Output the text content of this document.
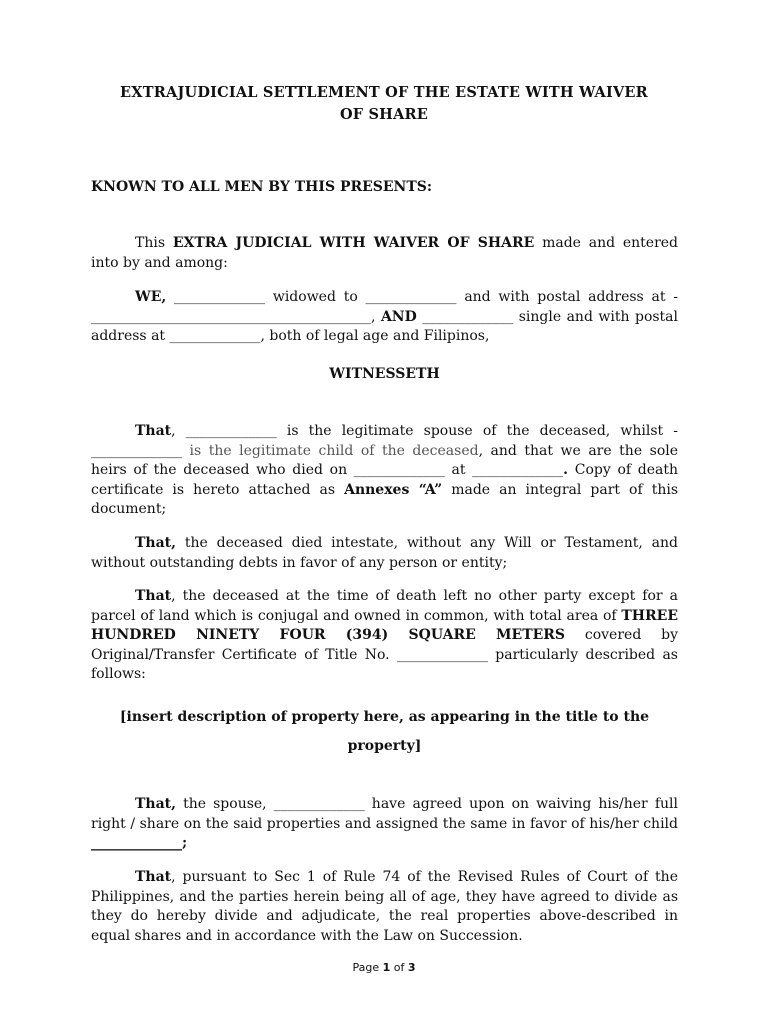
EXTRAJUDICIAL SETTLEMENT OF THE ESTATE WITH WAIVER
OF SHARE
KNOWN TO ALL MEN BY THIS PRESENTS:
This EXTRA JUDICIAL WITH WAIVER OF SHARE made and entered into by and among:
WE, _____________ widowed to _____________ and with postal address at -________________________________________, AND _____________ single and with postal address at _____________, both of legal age and Filipinos,
WITNESSETH
That, _____________ is the legitimate spouse of the deceased, whilst -_____________ is the legitimate child of the deceased, and that we are the sole heirs of the deceased who died on _____________ at _____________. Copy of death certificate is hereto attached as Annexes “A” made an integral part of this document;
That, the deceased died intestate, without any Will or Testament, and without outstanding debts in favor of any person or entity;
That, the deceased at the time of death left no other party except for a parcel of land which is conjugal and owned in common, with total area of THREE HUNDRED NINETY FOUR (394) SQUARE METERS covered by Original/Transfer Certificate of Title No. _____________ particularly described as follows:
[insert description of property here, as appearing in the title to the
property]
That, the spouse, _____________ have agreed upon on waiving his/her full right / share on the said properties and assigned the same in favor of his/her child _____________;
That, pursuant to Sec 1 of Rule 74 of the Revised Rules of Court of the Philippines, and the parties herein being all of age, they have agreed to divide as they do hereby divide and adjudicate, the real properties above-described in equal shares and in accordance with the Law on Succession.
Page 1 of 3
